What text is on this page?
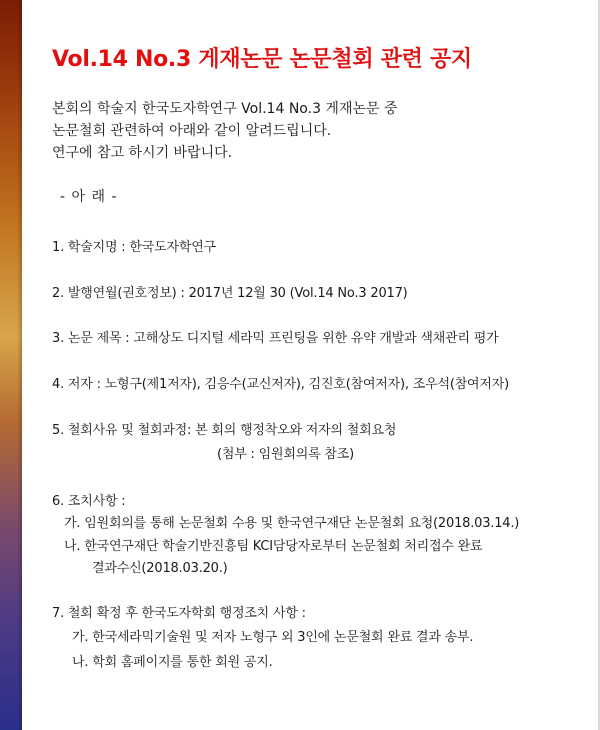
Vol.14 No.3 게재논문 논문철회 관련 공지
본회의 학술지 한국도자학연구 Vol.14 No.3 게재논문 중
논문철회 관련하여 아래와 같이 알려드립니다.
연구에 참고 하시기 바랍니다.
- 아 래 -
1. 학술지명 : 한국도자학연구
2. 발행연월(권호정보) : 2017년 12월 30 (Vol.14 No.3 2017)
3. 논문 제목 : 고해상도 디지털 세라믹 프린팅을 위한 유약 개발과 색채관리 평가
4. 저자 : 노형구(제1저자), 김응수(교신저자), 김진호(참여저자), 조우석(참여저자)
5. 철회사유 및 철회과정: 본 회의 행정착오와 저자의 철회요청
(첨부 : 임원회의록 참조)
6. 조치사항 :
가. 임원회의를 통해 논문철회 수용 및 한국연구재단 논문철회 요청(2018.03.14.)
나. 한국연구재단 학술기반진흥팀 KCI담당자로부터 논문철회 처리접수 완료
결과수신(2018.03.20.)
7. 철회 확정 후 한국도자학회 행정조치 사항 :
가. 한국세라믹기술원 및 저자 노형구 외 3인에 논문철회 완료 결과 송부.
나. 학회 홈페이지를 통한 회원 공지.
